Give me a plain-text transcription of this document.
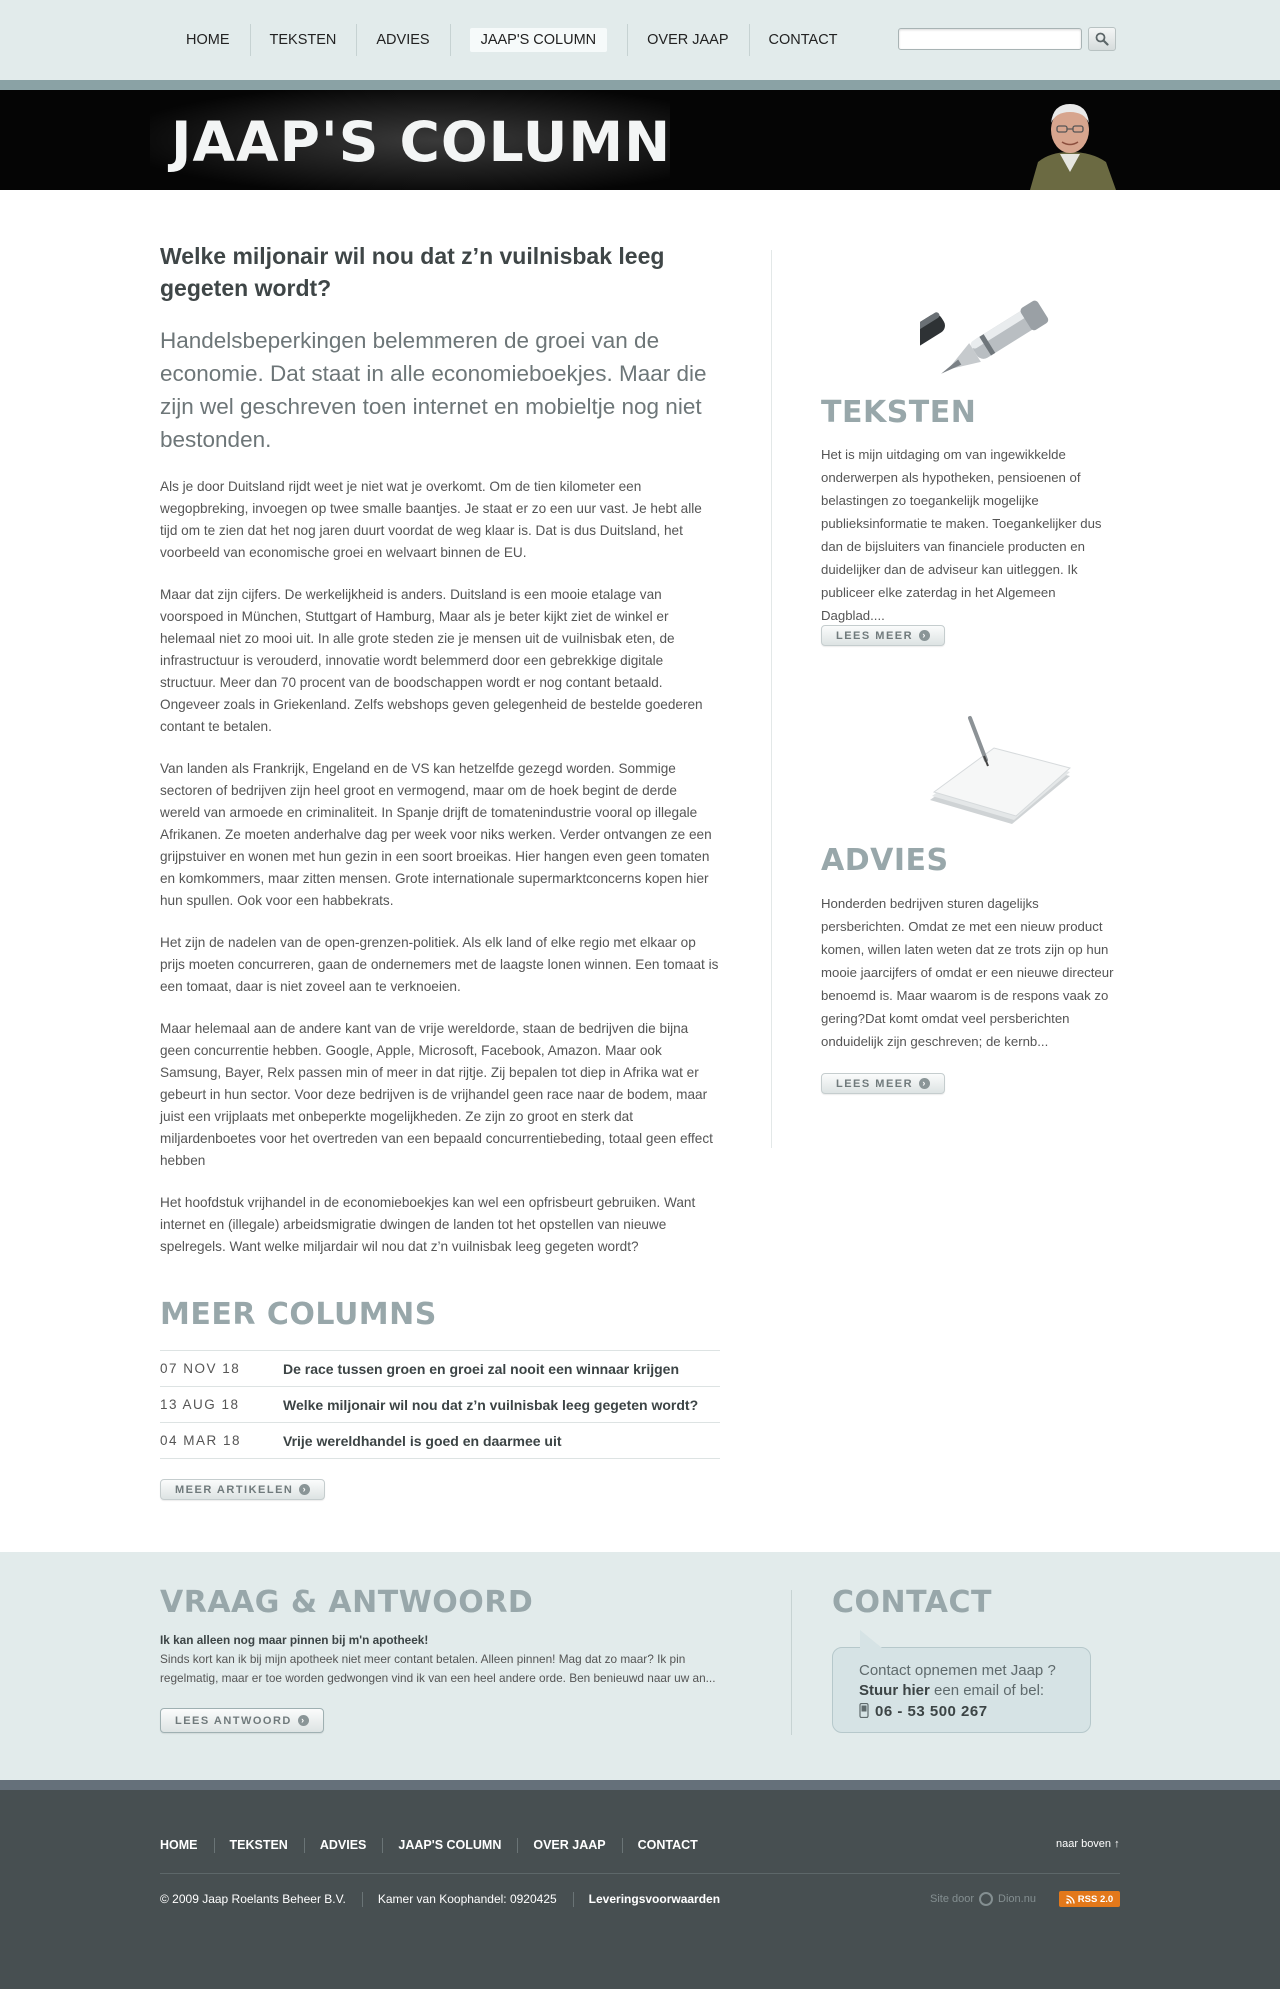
HOME	TEKSTEN	ADVIES	JAAP'S COLUMN	OVER JAAP	CONTACT
JAAP'S COLUMN
Welke miljonair wil nou dat z’n vuilnisbak leeg gegeten wordt?

Handelsbeperkingen belemmeren de groei van de economie. Dat staat in alle economieboekjes. Maar die zijn wel geschreven toen internet en mobieltje nog niet bestonden.

Als je door Duitsland rijdt weet je niet wat je overkomt. Om de tien kilometer een wegopbreking, invoegen op twee smalle baantjes. Je staat er zo een uur vast. Je hebt alle tijd om te zien dat het nog jaren duurt voordat de weg klaar is. Dat is dus Duitsland, het voorbeeld van economische groei en welvaart binnen de EU.

Maar dat zijn cijfers. De werkelijkheid is anders. Duitsland is een mooie etalage van voorspoed in München, Stuttgart of Hamburg, Maar als je beter kijkt ziet de winkel er helemaal niet zo mooi uit. In alle grote steden zie je mensen uit de vuilnisbak eten, de infrastructuur is verouderd, innovatie wordt belemmerd door een gebrekkige digitale structuur. Meer dan 70 procent van de boodschappen wordt er nog contant betaald. Ongeveer zoals in Griekenland. Zelfs webshops geven gelegenheid de bestelde goederen contant te betalen.

Van landen als Frankrijk, Engeland en de VS kan hetzelfde gezegd worden. Sommige sectoren of bedrijven zijn heel groot en vermogend, maar om de hoek begint de derde wereld van armoede en criminaliteit. In Spanje drijft de tomatenindustrie vooral op illegale Afrikanen. Ze moeten anderhalve dag per week voor niks werken. Verder ontvangen ze een grijpstuiver en wonen met hun gezin in een soort broeikas. Hier hangen even geen tomaten en komkommers, maar zitten mensen. Grote internationale supermarktconcerns kopen hier hun spullen. Ook voor een habbekrats.

Het zijn de nadelen van de open-grenzen-politiek. Als elk land of elke regio met elkaar op prijs moeten concurreren, gaan de ondernemers met de laagste lonen winnen. Een tomaat is een tomaat, daar is niet zoveel aan te verknoeien.

Maar helemaal aan de andere kant van de vrije wereldorde, staan de bedrijven die bijna geen concurrentie hebben. Google, Apple, Microsoft, Facebook, Amazon. Maar ook Samsung, Bayer, Relx passen min of meer in dat rijtje. Zij bepalen tot diep in Afrika wat er gebeurt in hun sector. Voor deze bedrijven is de vrijhandel geen race naar de bodem, maar juist een vrijplaats met onbeperkte mogelijkheden. Ze zijn zo groot en sterk dat miljardenboetes voor het overtreden van een bepaald concurrentiebeding, totaal geen effect hebben

Het hoofdstuk vrijhandel in de economieboekjes kan wel een opfrisbeurt gebruiken. Want internet en (illegale) arbeidsmigratie dwingen de landen tot het opstellen van nieuwe spelregels. Want welke miljardair wil nou dat z’n vuilnisbak leeg gegeten wordt?

MEER COLUMNS
07 NOV 18	De race tussen groen en groei zal nooit een winnaar krijgen
13 AUG 18	Welke miljonair wil nou dat z’n vuilnisbak leeg gegeten wordt?
04 MAR 18	Vrije wereldhandel is goed en daarmee uit
MEER ARTIKELEN	›
TEKSTEN
Het is mijn uitdaging om van ingewikkelde onderwerpen als hypotheken, pensioenen of belastingen zo toegankelijk mogelijke publieksinformatie te maken. Toegankelijker dus dan de bijsluiters van financiele producten en duidelijker dan de adviseur kan uitleggen. Ik publiceer elke zaterdag in het Algemeen Dagblad....
LEES MEER	›
ADVIES
Honderden bedrijven sturen dagelijks persberichten. Omdat ze met een nieuw product komen, willen laten weten dat ze trots zijn op hun mooie jaarcijfers of omdat er een nieuwe directeur benoemd is. Maar waarom is de respons vaak zo gering?Dat komt omdat veel persberichten onduidelijk zijn geschreven; de kernb...
LEES MEER	›
VRAAG & ANTWOORD
Ik kan alleen nog maar pinnen bij m'n apotheek!
Sinds kort kan ik bij mijn apotheek niet meer contant betalen. Alleen pinnen! Mag dat zo maar? Ik pin regelmatig, maar er toe worden gedwongen vind ik van een heel andere orde. Ben benieuwd naar uw an...
LEES ANTWOORD	›
CONTACT
Contact opnemen met Jaap ?
Stuur hier een email of bel:
06 - 53 500 267
HOME	TEKSTEN	ADVIES	JAAP'S COLUMN	OVER JAAP	CONTACT	naar boven ↑
© 2009 Jaap Roelants Beheer B.V.	Kamer van Koophandel: 0920425	Leveringsvoorwaarden	Site door Dion.nu	RSS 2.0
